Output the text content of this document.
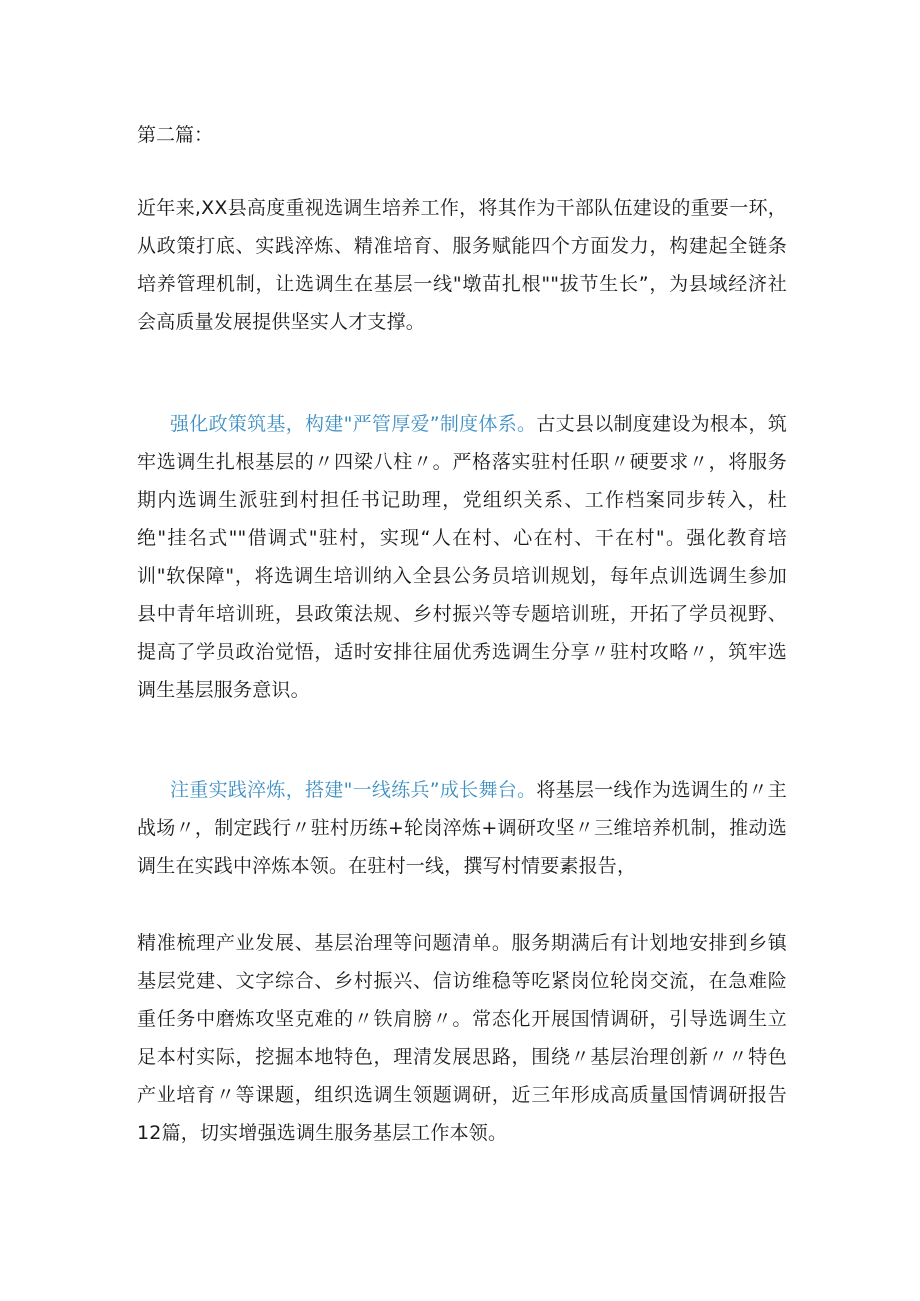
第二篇：

近年来,XX县高度重视选调生培养工作，将其作为干部队伍建设的重要一环，从政策打底、实践淬炼、精准培育、服务赋能四个方面发力，构建起全链条培养管理机制，让选调生在基层一线"墩苗扎根""拔节生长”，为县域经济社会高质量发展提供坚实人才支撑。

强化政策筑基，构建"严管厚爱”制度体系。古丈县以制度建设为根本，筑牢选调生扎根基层的〃四梁八柱〃。严格落实驻村任职〃硬要求〃，将服务期内选调生派驻到村担任书记助理，党组织关系、工作档案同步转入，杜绝"挂名式""借调式"驻村，实现“人在村、心在村、干在村"。强化教育培训"软保障"，将选调生培训纳入全县公务员培训规划，每年点训选调生参加县中青年培训班，县政策法规、乡村振兴等专题培训班，开拓了学员视野、提高了学员政治觉悟，适时安排往届优秀选调生分享〃驻村攻略〃，筑牢选调生基层服务意识。

注重实践淬炼，搭建"一线练兵”成长舞台。将基层一线作为选调生的〃主战场〃，制定践行〃驻村历练+轮岗淬炼+调研攻坚〃三维培养机制，推动选调生在实践中淬炼本领。在驻村一线，撰写村情要素报告，

精准梳理产业发展、基层治理等问题清单。服务期满后有计划地安排到乡镇基层党建、文字综合、乡村振兴、信访维稳等吃紧岗位轮岗交流，在急难险重任务中磨炼攻坚克难的〃铁肩膀〃。常态化开展国情调研，引导选调生立足本村实际，挖掘本地特色，理清发展思路，围绕〃基层治理创新〃〃特色产业培育〃等课题，组织选调生领题调研，近三年形成高质量国情调研报告12篇，切实增强选调生服务基层工作本领。
